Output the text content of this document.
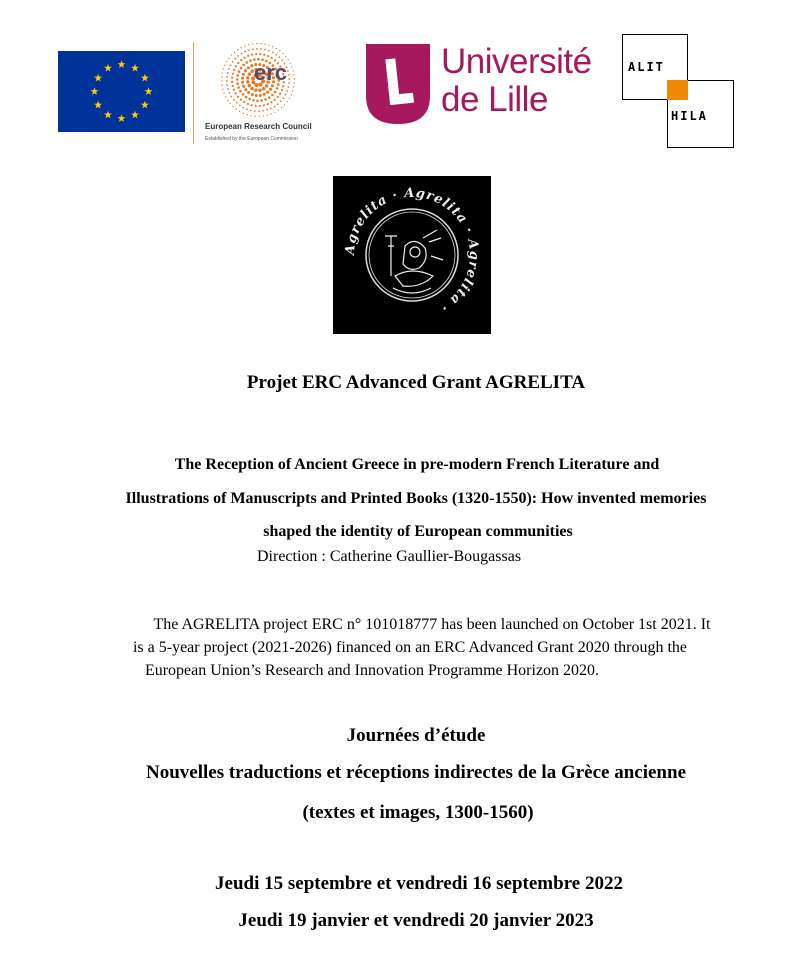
erc
European Research Council
Established by the European Commission
Université
de Lille
ALIT
HILA
Agrelita · Agrelita · Agrelita ·
Projet ERC Advanced Grant AGRELITA
The Reception of Ancient Greece in pre-modern French Literature and
Illustrations of Manuscripts and Printed Books (1320-1550): How invented memories
shaped the identity of European communities
Direction : Catherine Gaullier-Bougassas
The AGRELITA project ERC n° 101018777 has been launched on October 1st 2021. It
is a 5-year project (2021-2026) financed on an ERC Advanced Grant 2020 through the
European Union’s Research and Innovation Programme Horizon 2020.
Journées d’étude
Nouvelles traductions et réceptions indirectes de la Grèce ancienne
(textes et images, 1300-1560)
Jeudi 15 septembre et vendredi 16 septembre 2022
Jeudi 19 janvier et vendredi 20 janvier 2023
